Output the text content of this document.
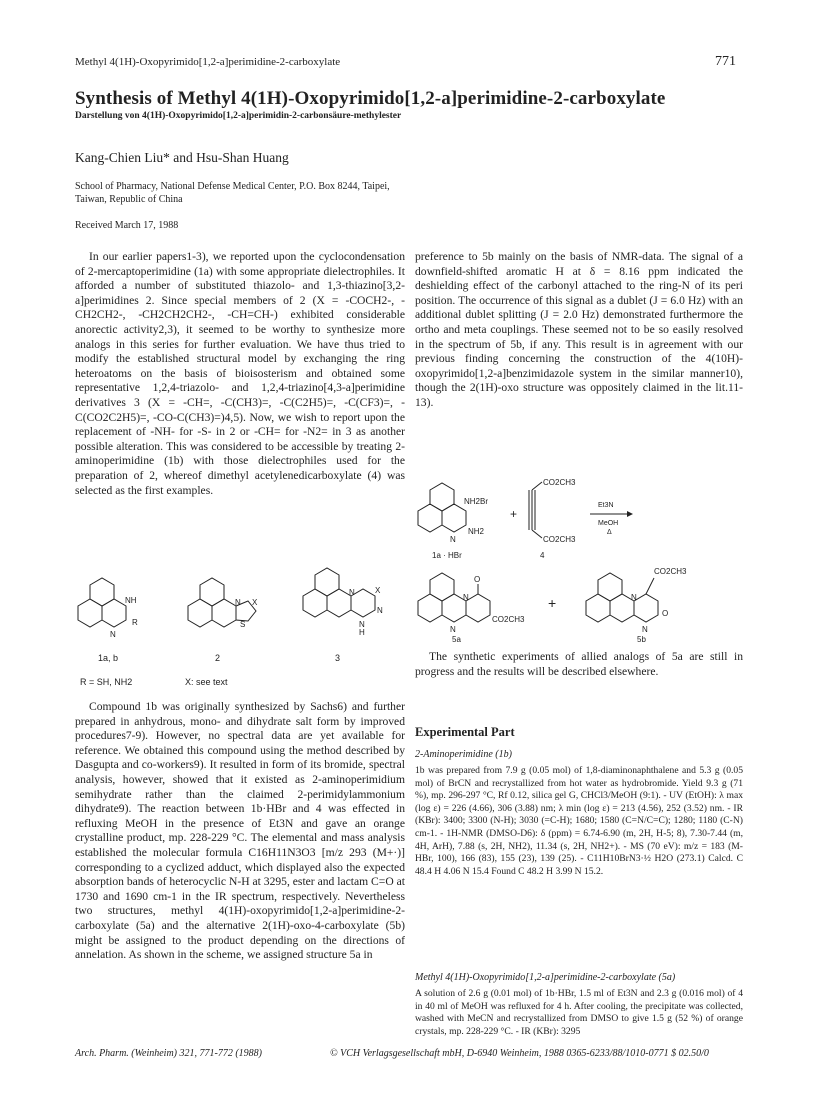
Methyl 4(1H)-Oxopyrimido[1,2-a]perimidine-2-carboxylate	771
Synthesis of Methyl 4(1H)-Oxopyrimido[1,2-a]perimidine-2-carboxylate
Darstellung von 4(1H)-Oxopyrimido[1,2-a]perimidin-2-carbonsäure-methylester
Kang-Chien Liu* and Hsu-Shan Huang
School of Pharmacy, National Defense Medical Center, P.O. Box 8244, Taipei, Taiwan, Republic of China
Received March 17, 1988

In our earlier papers1-3), we reported upon the cyclocondensation of 2-mercaptoperimidine (1a) with some appropriate dielectrophiles. It afforded a number of substituted thiazolo- and 1,3-thiazino[3,2-a]perimidines 2. Since special members of 2 (X = -COCH2-, -CH2CH2-, -CH2CH2CH2-, -CH=CH-) exhibited considerable anorectic activity2,3), it seemed to be worthy to synthesize more analogs in this series for further evaluation. We have thus tried to modify the established structural model by exchanging the ring heteroatoms on the basis of bioisosterism and obtained some representative 1,2,4-triazolo- and 1,2,4-triazino[4,3-a]perimidine derivatives 3 (X = -CH=, -C(CH3)=, -C(C2H5)=, -C(CF3)=, -C(CO2C2H5)=, -CO-C(CH3)=)4,5). Now, we wish to report upon the replacement of -NH- for -S- in 2 or -CH= for -N2= in 3 as another possible alteration. This was considered to be accessible by treating 2-aminoperimidine (1b) with those dielectrophiles used for the preparation of 2, whereof dimethyl acetylenedicarboxylate (4) was selected as the first examples.

NH
R
N
N
S
X
N	X
N
N
H
1a, b	2	3
R = SH, NH2	X: see text

Compound 1b was originally synthesized by Sachs6) and further prepared in anhydrous, mono- and dihydrate salt form by improved procedures7-9). However, no spectral data are yet available for reference. We obtained this compound using the method described by Dasgupta and co-workers9). It resulted in form of its bromide, spectral analysis, however, showed that it existed as 2-aminoperimidium semihydrate rather than the claimed 2-perimidylammonium dihydrate9). The reaction between 1b·HBr and 4 was effected in refluxing MeOH in the presence of Et3N and gave an orange crystalline product, mp. 228-229 °C. The elemental and mass analysis established the molecular formula C16H11N3O3 [m/z 293 (M+·)] corresponding to a cyclized adduct, which displayed also the expected absorption bands of heterocyclic N-H at 3295, ester and lactam C=O at 1730 and 1690 cm-1 in the IR spectrum, respectively. Nevertheless two structures, methyl 4(1H)-oxopyrimido[1,2-a]perimidine-2-carboxylate (5a) and the alternative 2(1H)-oxo-4-carboxylate (5b) might be assigned to the product depending on the directions of annelation. As shown in the scheme, we assigned structure 5a in

preference to 5b mainly on the basis of NMR-data. The signal of a downfield-shifted aromatic H at δ = 8.16 ppm indicated the deshielding effect of the carbonyl attached to the ring-N of its peri position. The occurrence of this signal as a dublet (J = 6.0 Hz) with an additional dublet splitting (J = 2.0 Hz) demonstrated furthermore the ortho and meta couplings. These seemed not to be so easily resolved in the spectrum of 5b, if any. This result is in agreement with our previous finding concerning the construction of the 4(10H)-oxopyrimido[1,2-a]benzimidazole system in the similar manner10), though the 2(1H)-oxo structure was oppositely claimed in the lit.11-13).

NH2Br
NH2
N
+
CO2CH3
CO2CH3
Et3N
MeOH
Δ
1a · HBr	4
O
CO2CH3
N
N
5a
+
CO2CH3
O
N
N
5b

The synthetic experiments of allied analogs of 5a are still in progress and the results will be described elsewhere.

Experimental Part
2-Aminoperimidine (1b)

1b was prepared from 7.9 g (0.05 mol) of 1,8-diaminonaphthalene and 5.3 g (0.05 mol) of BrCN and recrystallized from hot water as hydrobromide. Yield 9.3 g (71 %), mp. 296-297 °C, Rf 0.12, silica gel G, CHCl3/MeOH (9:1). - UV (EtOH): λ max (log ε) = 226 (4.66), 306 (3.88) nm; λ min (log ε) = 213 (4.56), 252 (3.52) nm. - IR (KBr): 3400; 3300 (N-H); 3030 (=C-H); 1680; 1580 (C=N/C=C); 1280; 1180 (C-N) cm-1. - 1H-NMR (DMSO-D6): δ (ppm) = 6.74-6.90 (m, 2H, H-5; 8), 7.30-7.44 (m, 4H, ArH), 7.88 (s, 2H, NH2), 11.34 (s, 2H, NH2+). - MS (70 eV): m/z = 183 (M-HBr, 100), 166 (83), 155 (23), 139 (25). - C11H10BrN3·½ H2O (273.1) Calcd. C 48.4 H 4.06 N 15.4 Found C 48.2 H 3.99 N 15.2.

Methyl 4(1H)-Oxopyrimido[1,2-a]perimidine-2-carboxylate (5a)

A solution of 2.6 g (0.01 mol) of 1b·HBr, 1.5 ml of Et3N and 2.3 g (0.016 mol) of 4 in 40 ml of MeOH was refluxed for 4 h. After cooling, the precipitate was collected, washed with MeCN and recrystallized from DMSO to give 1.5 g (52 %) of orange crystals, mp. 228-229 °C. - IR (KBr): 3295

Arch. Pharm. (Weinheim) 321, 771-772 (1988)	© VCH Verlagsgesellschaft mbH, D-6940 Weinheim, 1988 0365-6233/88/1010-0771 $ 02.50/0
